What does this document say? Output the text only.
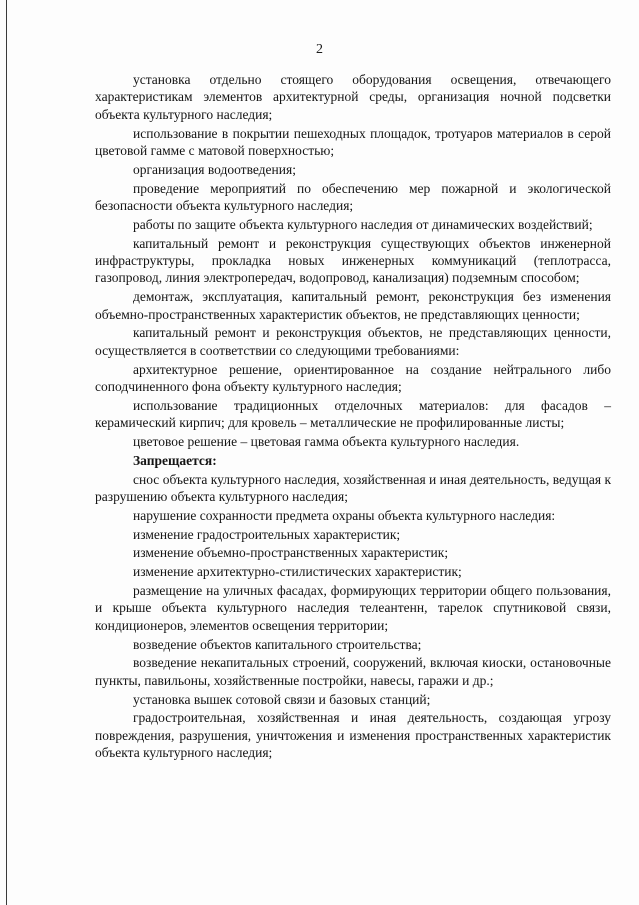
2

установка отдельно стоящего оборудования освещения, отвечающего характеристикам элементов архитектурной среды, организация ночной подсветки объекта культурного наследия;

использование в покрытии пешеходных площадок, тротуаров материалов в серой цветовой гамме с матовой поверхностью;

организация водоотведения;

проведение мероприятий по обеспечению мер пожарной и экологической безопасности объекта культурного наследия;

работы по защите объекта культурного наследия от динамических воздействий;

капитальный ремонт и реконструкция существующих объектов инженерной инфраструктуры, прокладка новых инженерных коммуникаций (теплотрасса, газопровод, линия электропередач, водопровод, канализация) подземным способом;

демонтаж, эксплуатация, капитальный ремонт, реконструкция без изменения объемно-пространственных характеристик объектов, не представляющих ценности;

капитальный ремонт и реконструкция объектов, не представляющих ценности, осуществляется в соответствии со следующими требованиями:

архитектурное решение, ориентированное на создание нейтрального либо соподчиненного фона объекту культурного наследия;

использование традиционных отделочных материалов: для фасадов – керамический кирпич; для кровель – металлические не профилированные листы;

цветовое решение – цветовая гамма объекта культурного наследия.

Запрещается:

снос объекта культурного наследия, хозяйственная и иная деятельность, ведущая к разрушению объекта культурного наследия;

нарушение сохранности предмета охраны объекта культурного наследия:

изменение градостроительных характеристик;

изменение объемно-пространственных характеристик;

изменение архитектурно-стилистических характеристик;

размещение на уличных фасадах, формирующих территории общего пользования, и крыше объекта культурного наследия телеантенн, тарелок спутниковой связи, кондиционеров, элементов освещения территории;

возведение объектов капитального строительства;

возведение некапитальных строений, сооружений, включая киоски, остановочные пункты, павильоны, хозяйственные постройки, навесы, гаражи и др.;

установка вышек сотовой связи и базовых станций;

градостроительная, хозяйственная и иная деятельность, создающая угрозу повреждения, разрушения, уничтожения и изменения пространственных характеристик объекта культурного наследия;
